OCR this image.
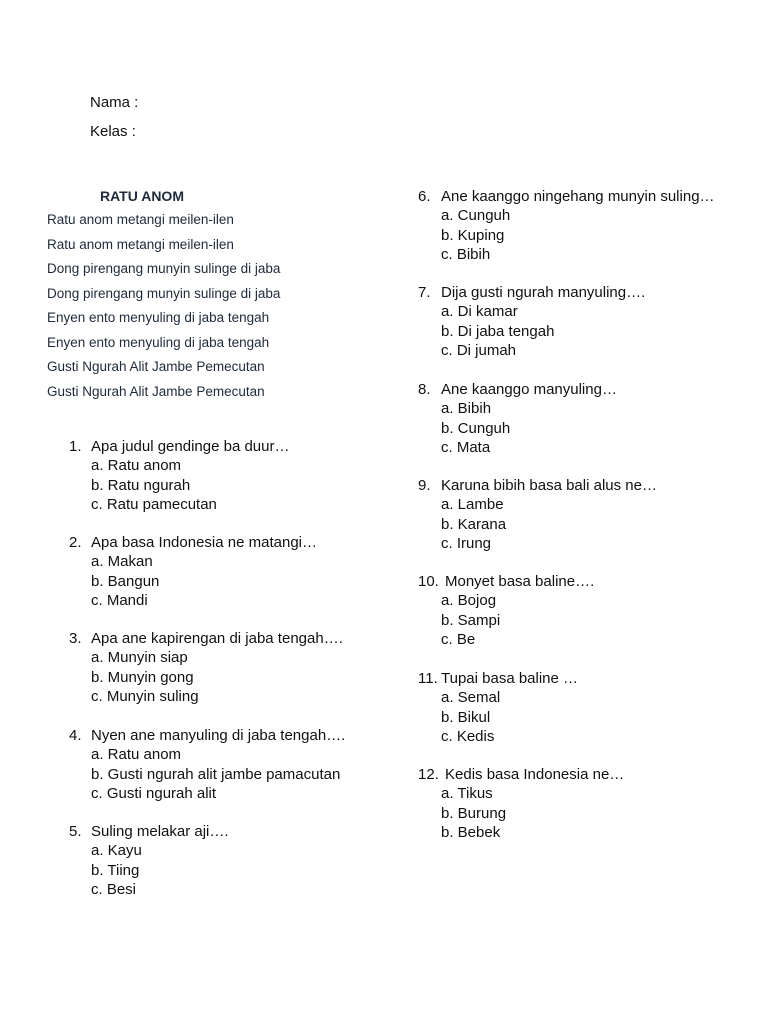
Nama :
Kelas :
RATU ANOM
Ratu anom metangi meilen-ilen
Ratu anom metangi meilen-ilen
Dong pirengang munyin sulinge di jaba
Dong pirengang munyin sulinge di jaba
Enyen ento menyuling di jaba tengah
Enyen ento menyuling di jaba tengah
Gusti Ngurah Alit Jambe Pemecutan
Gusti Ngurah Alit Jambe Pemecutan
1. Apa judul gendinge ba duur…
a. Ratu anom
b. Ratu ngurah
c. Ratu pamecutan
2. Apa basa Indonesia ne matangi…
a. Makan
b. Bangun
c. Mandi
3. Apa ane kapirengan di jaba tengah….
a. Munyin siap
b. Munyin gong
c. Munyin suling
4. Nyen ane manyuling di jaba tengah….
a. Ratu anom
b. Gusti ngurah alit jambe pamacutan
c. Gusti ngurah alit
5. Suling melakar aji….
a. Kayu
b. Tiing
c. Besi
6. Ane kaanggo ningehang munyin suling…
a. Cunguh
b. Kuping
c. Bibih
7. Dija gusti ngurah manyuling….
a. Di kamar
b. Di jaba tengah
c. Di jumah
8. Ane kaanggo manyuling…
a. Bibih
b. Cunguh
c. Mata
9. Karuna bibih basa bali alus ne…
a. Lambe
b. Karana
c. Irung
10. Monyet basa baline….
a. Bojog
b. Sampi
c. Be
11. Tupai basa baline …
a. Semal
b. Bikul
c. Kedis
12. Kedis basa Indonesia ne…
a. Tikus
b. Burung
b. Bebek
